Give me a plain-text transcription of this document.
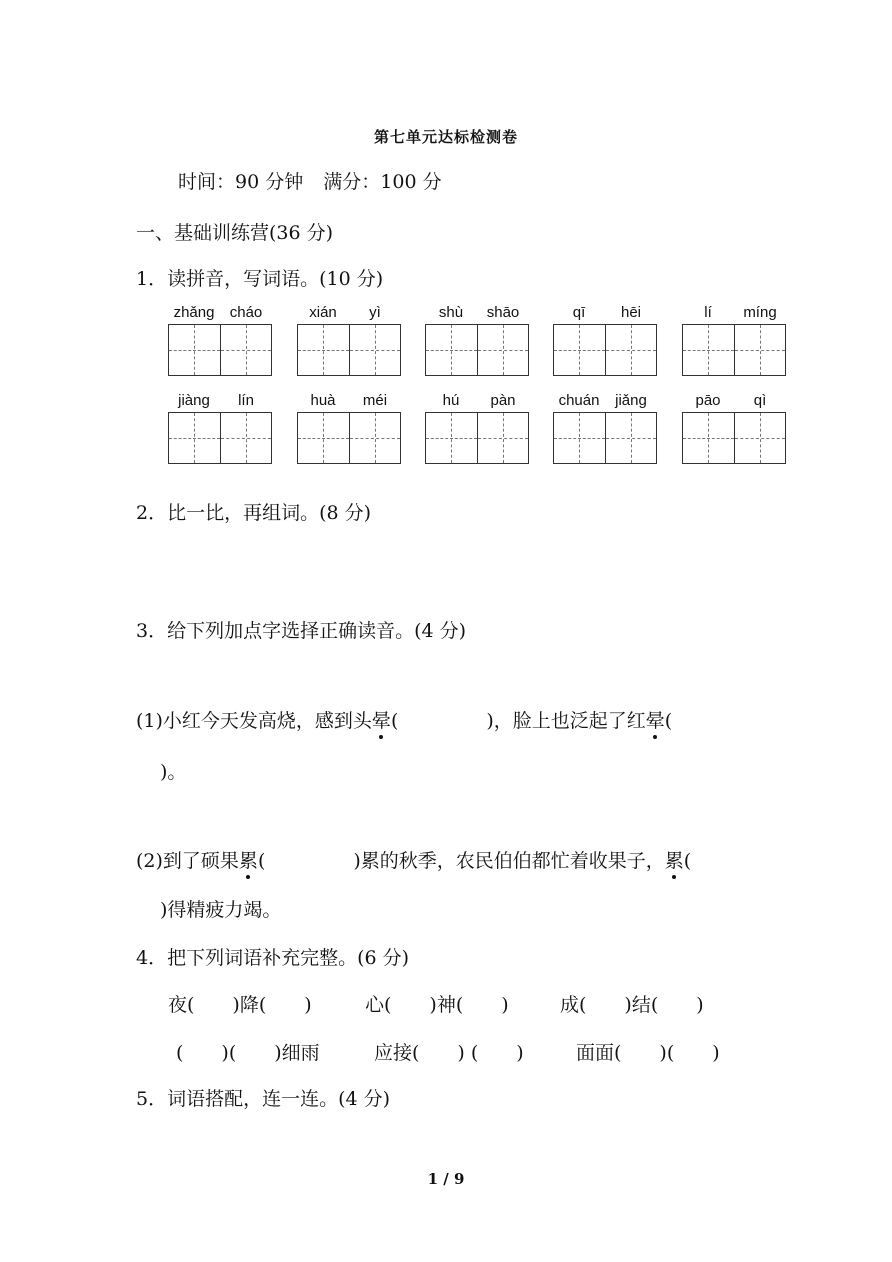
第七单元达标检测卷
时间：90 分钟 满分：100 分
一、基础训练营(36 分)
1．读拼音，写词语。(10 分)
zhǎng	cháo	xián	yì	shù	shāo	qī	hēi	lí	míng
jiàng	lín	huà	méi	hú	pàn	chuán	jiǎng	pāo	qì
2．比一比，再组词。(8 分)
3．给下列加点字选择正确读音。(4 分)
(1)小红今天发高烧，感到头晕(	)，脸上也泛起了红晕(
)。
(2)到了硕果累(	)累的秋季，农民伯伯都忙着收果子，累(
)得精疲力竭。
4．把下列词语补充完整。(6 分)
夜(　　)降(　　)	心(　　)神(　　)	成(　　)结(　　)
(　　)(　　)细雨	应接(　　) (　　)	面面(　　)(　　)
5．词语搭配，连一连。(4 分)
1 / 9
